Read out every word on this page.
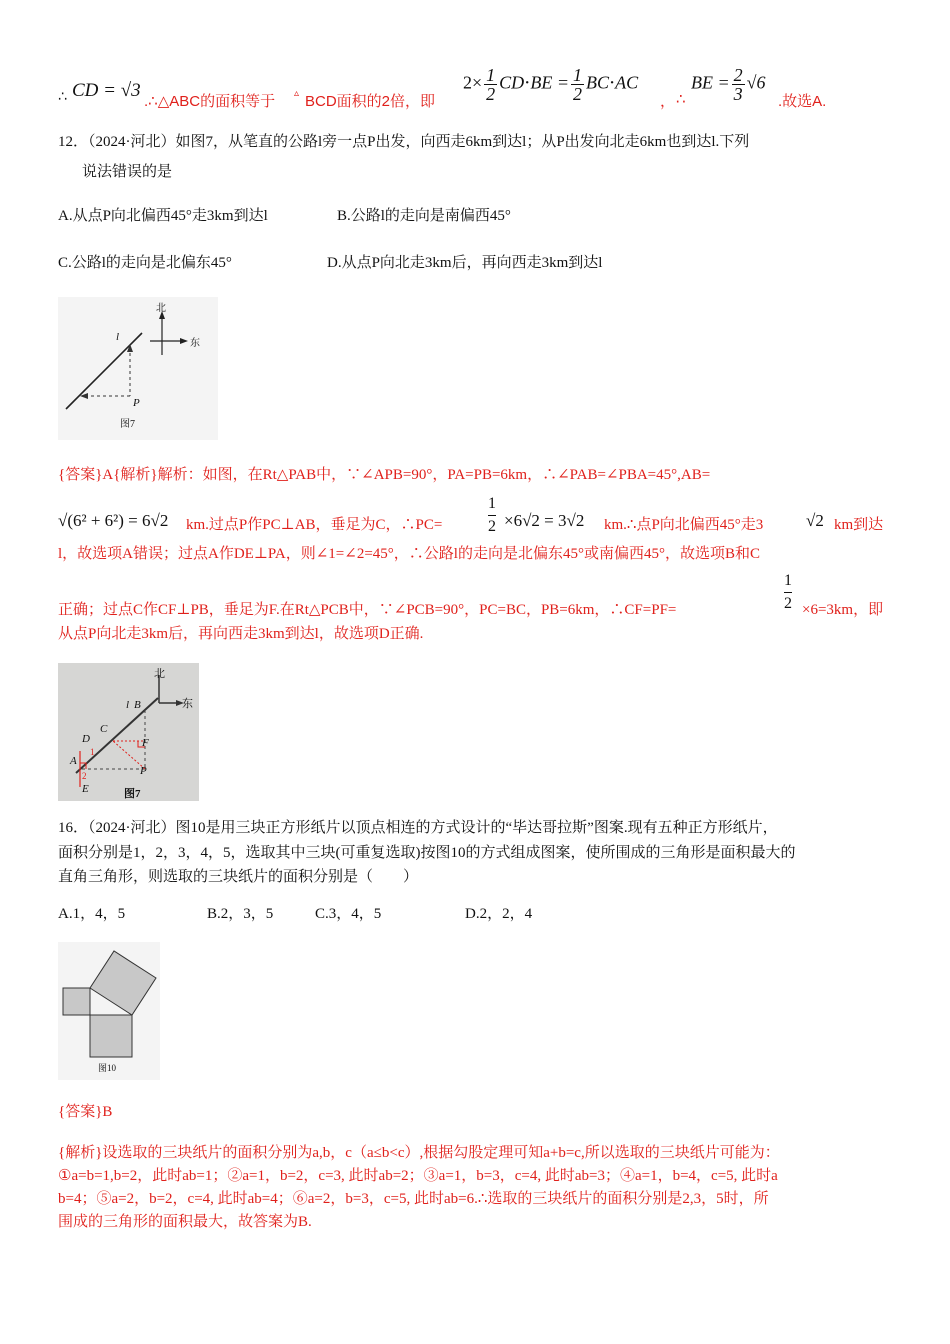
∴ CD = √3
.∴△ABC的面积等于 ▵ BCD面积的2倍，即
$2\times \frac{1}{2} CD\cdot BE = \frac{1}{2} BC\cdot AC$
， ∴
BE = $\frac{2}{3} √6$
.故选A.
12．（2024·河北）如图7，从笔直的公路l旁一点P出发，向西走6km到达l；从P出发向北走6km也到达l.下列
说法错误的是
A.从点P向北偏西45°走3km到达l	B.公路l的走向是南偏西45°
C.公路l的走向是北偏东45°	D.从点P向北走3km后，再向西走3km到达l
北
东
l
P
图7
{答案}A{解析}解析：如图，在Rt△PAB中，∵∠APB=90°，PA=PB=6km，∴∠PAB=∠PBA=45°,AB=
√(6² + 6²) = 6√2 km.过点P作PC⊥AB，垂足为C，∴PC=	$\frac{1}{2} \times 6√2 = 3√2$ km.∴点P向北偏西45°走3	√2 km到达
l，故选项A错误；过点A作DE⊥PA，则∠1=∠2=45°，∴公路l的走向是北偏东45°或南偏西45°，故选项B和C
正确；过点C作CF⊥PB，垂足为F.在Rt△PCB中，∵∠PCB=90°，PC=BC，PB=6km，∴CF=PF=	$\frac{1}{2} \times 6=3km$，即
从点P向北走3km后，再向西走3km到达l，故选项D正确.
北
东
l B
C
D	F
A
P
E
1
2
图7
16．（2024·河北）图10是用三块正方形纸片以顶点相连的方式设计的“毕达哥拉斯”图案.现有五种正方形纸片，
面积分别是1，2，3，4，5，选取其中三块(可重复选取)按图10的方式组成图案，使所围成的三角形是面积最大的
直角三角形，则选取的三块纸片的面积分别是（　　）
A.1，4，5	B.2，3，5	C.3，4，5	D.2，2，4
图10
{答案}B
{解析}设选取的三块纸片的面积分别为a,b，c（a≤b<c）,根据勾股定理可知a+b=c,所以选取的三块纸片可能为：
①a=b=1,b=2，此时ab=1；②a=1，b=2，c=3, 此时ab=2；③a=1，b=3，c=4, 此时ab=3；④a=1，b=4，c=5, 此时a
b=4；⑤a=2，b=2，c=4, 此时ab=4；⑥a=2，b=3，c=5, 此时ab=6.∴选取的三块纸片的面积分别是2,3，5时，所
围成的三角形的面积最大，故答案为B.
